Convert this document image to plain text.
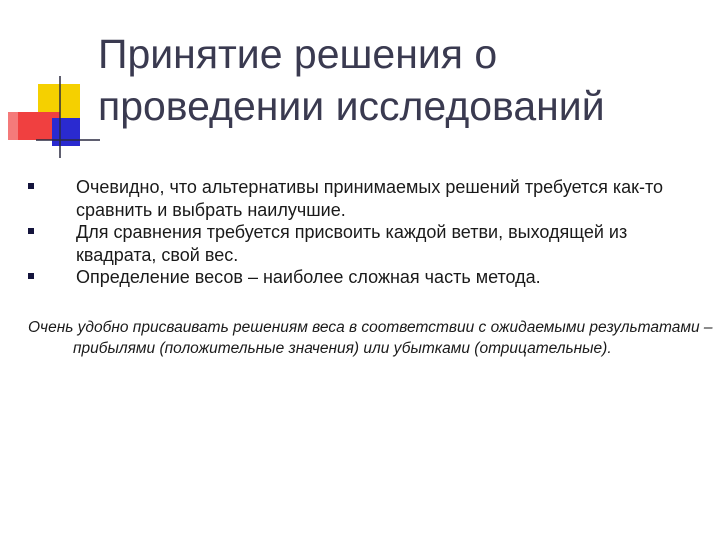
Принятие решения о
проведении исследований
Очевидно, что альтернативы принимаемых решений требуется как-то сравнить и выбрать наилучшие.
Для сравнения требуется присвоить каждой ветви, выходящей из квадрата, свой вес.
Определение весов – наиболее сложная часть метода.

Очень удобно присваивать решениям веса в соответствии с ожидаемыми результатами – прибылями (положительные значения) или убытками (отрицательные).
